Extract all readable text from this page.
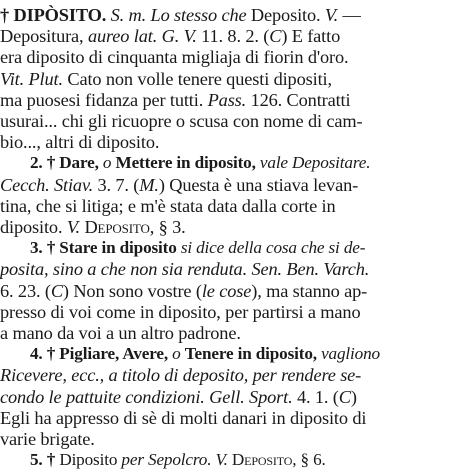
† DIPÒSITO. S. m. Lo stesso che Deposito. V. —
Depositura, aureo lat. G. V. 11. 8. 2. (C) E fatto
era diposito di cinquanta migliaja di fiorin d'oro.
Vit. Plut. Cato non volle tenere questi dipositi,
ma puosesi fidanza per tutti. Pass. 126. Contratti
usurai... chi gli ricuopre o scusa con nome di cam-
bio..., altri di diposito.
2. † Dare, o Mettere in diposito, vale Depositare.
Cecch. Stiav. 3. 7. (M.) Questa è una stiava levan-
tina, che si litiga; e m'è stata data dalla corte in
diposito. V. Deposito, § 3.
3. † Stare in diposito si dice della cosa che si de-
posita, sino a che non sia renduta. Sen. Ben. Varch.
6. 23. (C) Non sono vostre (le cose), ma stanno ap-
presso di voi come in diposito, per partirsi a mano
a mano da voi a un altro padrone.
4. † Pigliare, Avere, o Tenere in diposito, vagliono
Ricevere, ecc., a titolo di deposito, per rendere se-
condo le pattuite condizioni. Gell. Sport. 4. 1. (C)
Egli ha appresso di sè di molti danari in diposito di
varie brigate.
5. † Diposito per Sepolcro. V. Deposito, § 6.
